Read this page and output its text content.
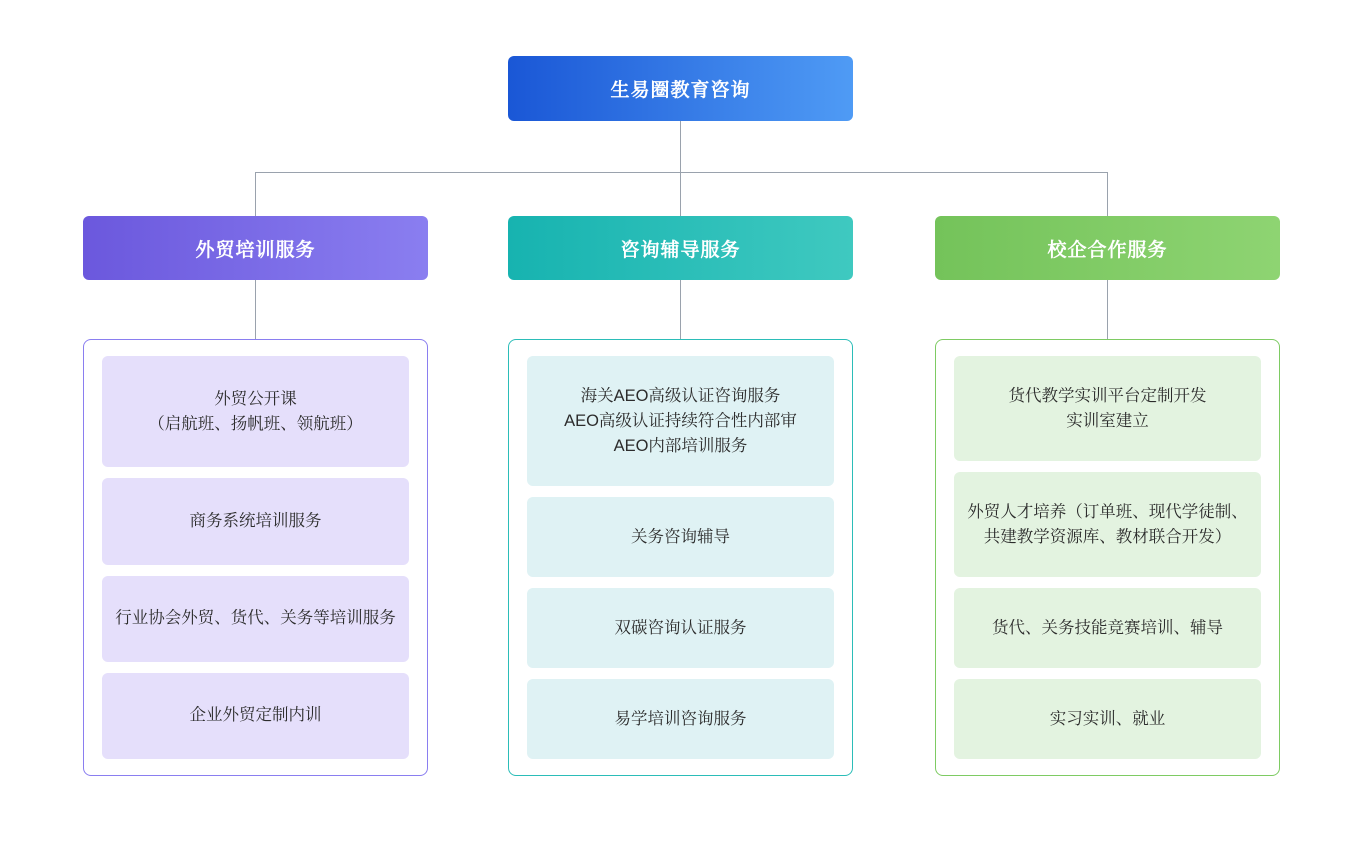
生易圈教育咨询
外贸培训服务
外贸公开课
（启航班、扬帆班、领航班）
商务系统培训服务
行业协会外贸、货代、关务等培训服务
企业外贸定制内训
咨询辅导服务
海关AEO高级认证咨询服务
AEO高级认证持续符合性内部审
AEO内部培训服务
关务咨询辅导
双碳咨询认证服务
易学培训咨询服务
校企合作服务
货代教学实训平台定制开发
实训室建立
外贸人才培养（订单班、现代学徒制、共建教学资源库、教材联合开发）
货代、关务技能竞赛培训、辅导
实习实训、就业
